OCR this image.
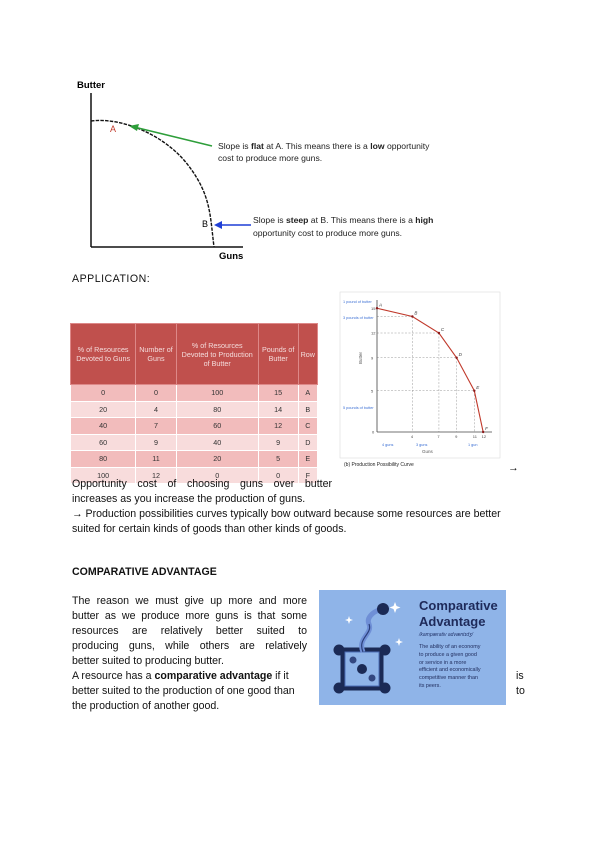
Butter
Guns
A
B
Slope is flat at A. This means there is a low opportunity
cost to produce more guns.
Slope is steep at B. This means there is a high
opportunity cost to produce more guns.
APPLICATION:
% of Resources Devoted to Guns	Number of Guns	% of Resources Devoted to Production of Butter	Pounds of Butter	Row
0	0	100	15	A
20	4	80	14	B
40	7	60	12	C
60	9	40	9	D
80	11	20	5	E
100	12	0	0	F
A
B
C
D
E
F
15
12
9
5
0
4	7	9	11 12
Butter
Guns
1 pound of butter
3 pounds of butter
5 pounds of butter
4 guns	3 guns	1 gun
(b) Production Possibility Curve	→
Opportunity cost of choosing guns over butter
increases as you increase the production of guns.
→ Production possibilities curves typically bow outward because some resources are better
suited for certain kinds of goods than other kinds of goods.
COMPARATIVE ADVANTAGE
The reason we must give up more and more
butter as we produce more guns is that some
resources are relatively better suited to
producing guns, while others are relatively
better suited to producing butter.
A resource has a comparative advantage if it	is
better suited to the production of one good than	to
the production of another good.
Comparative
Advantage
/kampærativ advæntɪdʒ/
The ability of an economy
to produce a given good
or service in a more
efficient and economically
competitive manner than
its peers.
